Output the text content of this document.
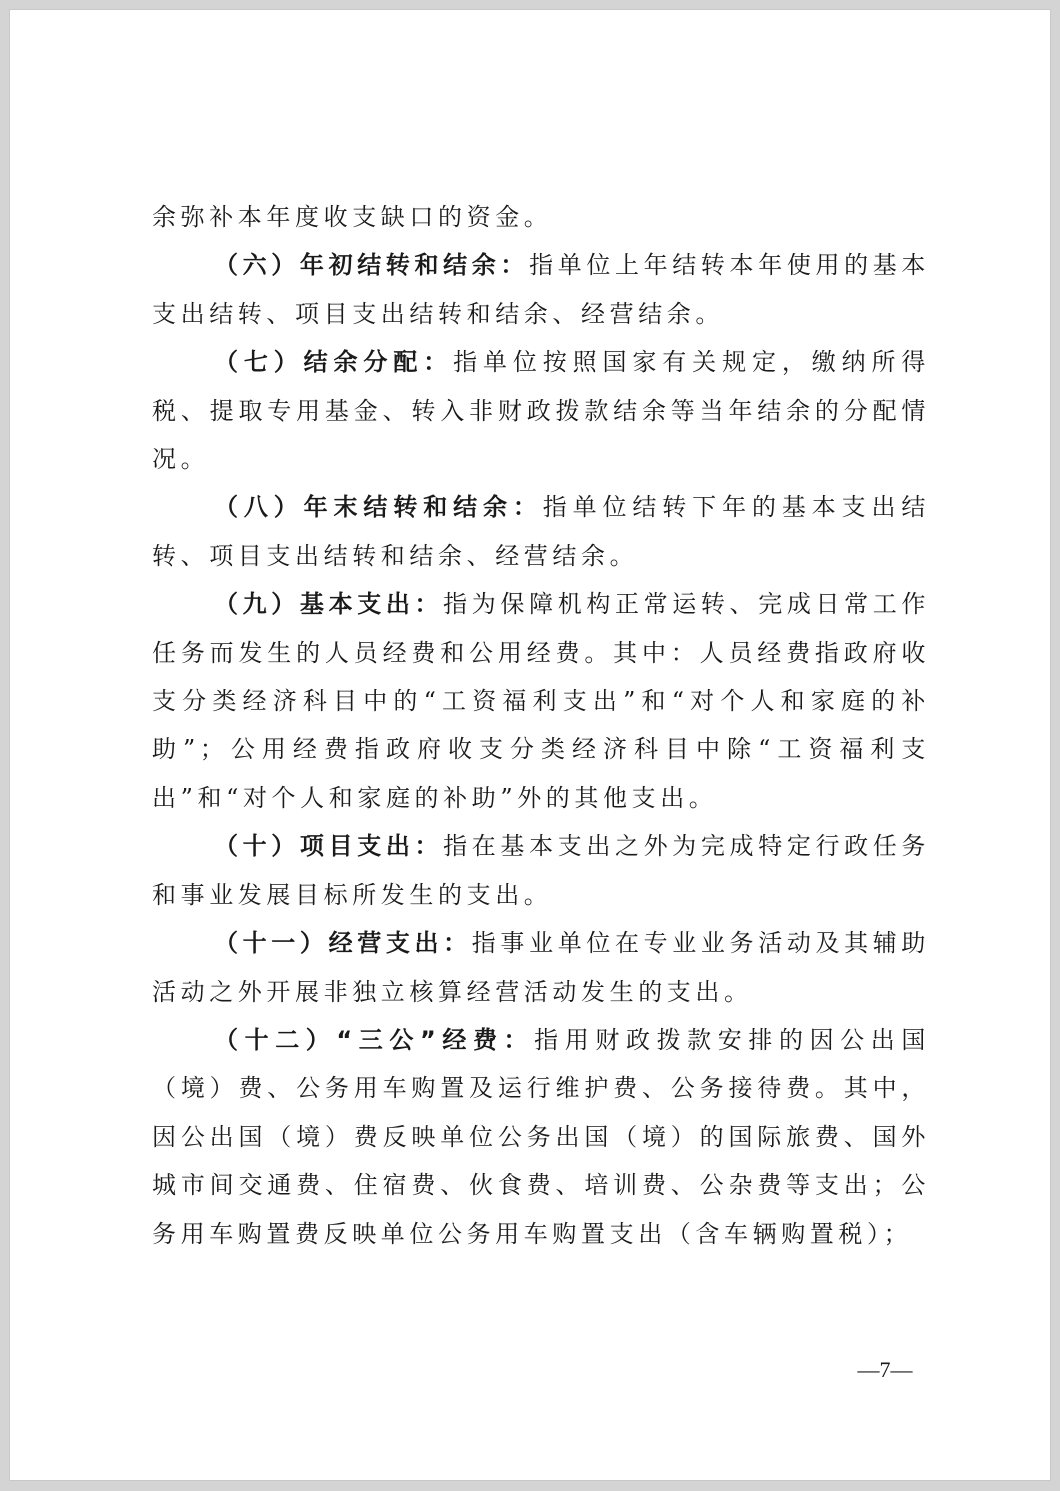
余弥补本年度收支缺口的资金。

（六）年初结转和结余：指单位上年结转本年使用的基本支出结转、项目支出结转和结余、经营结余。

（七）结余分配：指单位按照国家有关规定，缴纳所得税、提取专用基金、转入非财政拨款结余等当年结余的分配情况。

（八）年末结转和结余：指单位结转下年的基本支出结转、项目支出结转和结余、经营结余。

（九）基本支出：指为保障机构正常运转、完成日常工作任务而发生的人员经费和公用经费。其中：人员经费指政府收支分类经济科目中的“工资福利支出”和“对个人和家庭的补助”；公用经费指政府收支分类经济科目中除“工资福利支出”和“对个人和家庭的补助”外的其他支出。

（十）项目支出：指在基本支出之外为完成特定行政任务和事业发展目标所发生的支出。

（十一）经营支出：指事业单位在专业业务活动及其辅助活动之外开展非独立核算经营活动发生的支出。

（十二）“三公”经费：指用财政拨款安排的因公出国（境）费、公务用车购置及运行维护费、公务接待费。其中，因公出国（境）费反映单位公务出国（境）的国际旅费、国外城市间交通费、住宿费、伙食费、培训费、公杂费等支出；公务用车购置费反映单位公务用车购置支出（含车辆购置税）；

—7—
